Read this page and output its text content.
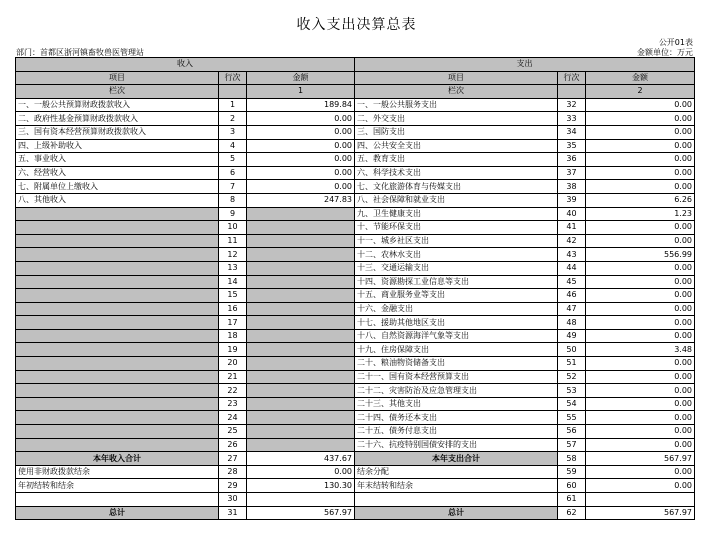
收入支出决算总表
公开01表
部门：首都区浙河镇畜牧兽医管理站	金额单位：万元
收入			支出		
项目	行次	金额	项目	行次	金额
栏次		1	栏次		2
一、一般公共预算财政拨款收入	1	189.84	一、一般公共服务支出	32	0.00
二、政府性基金预算财政拨款收入	2	0.00	二、外交支出	33	0.00
三、国有资本经营预算财政拨款收入	3	0.00	三、国防支出	34	0.00
四、上级补助收入	4	0.00	四、公共安全支出	35	0.00
五、事业收入	5	0.00	五、教育支出	36	0.00
六、经营收入	6	0.00	六、科学技术支出	37	0.00
七、附属单位上缴收入	7	0.00	七、文化旅游体育与传媒支出	38	0.00
八、其他收入	8	247.83	八、社会保障和就业支出	39	6.26
	9		九、卫生健康支出	40	1.23
	10		十、节能环保支出	41	0.00
	11		十一、城乡社区支出	42	0.00
	12		十二、农林水支出	43	556.99
	13		十三、交通运输支出	44	0.00
	14		十四、资源勘探工业信息等支出	45	0.00
	15		十五、商业服务业等支出	46	0.00
	16		十六、金融支出	47	0.00
	17		十七、援助其他地区支出	48	0.00
	18		十八、自然资源海洋气象等支出	49	0.00
	19		十九、住房保障支出	50	3.48
	20		二十、粮油物资储备支出	51	0.00
	21		二十一、国有资本经营预算支出	52	0.00
	22		二十二、灾害防治及应急管理支出	53	0.00
	23		二十三、其他支出	54	0.00
	24		二十四、债务还本支出	55	0.00
	25		二十五、债务付息支出	56	0.00
	26		二十六、抗疫特别国债安排的支出	57	0.00
本年收入合计	27	437.67	本年支出合计	58	567.97
使用非财政拨款结余	28	0.00	结余分配	59	0.00
年初结转和结余	29	130.30	年末结转和结余	60	0.00
	30			61	
总计	31	567.97	总计	62	567.97
